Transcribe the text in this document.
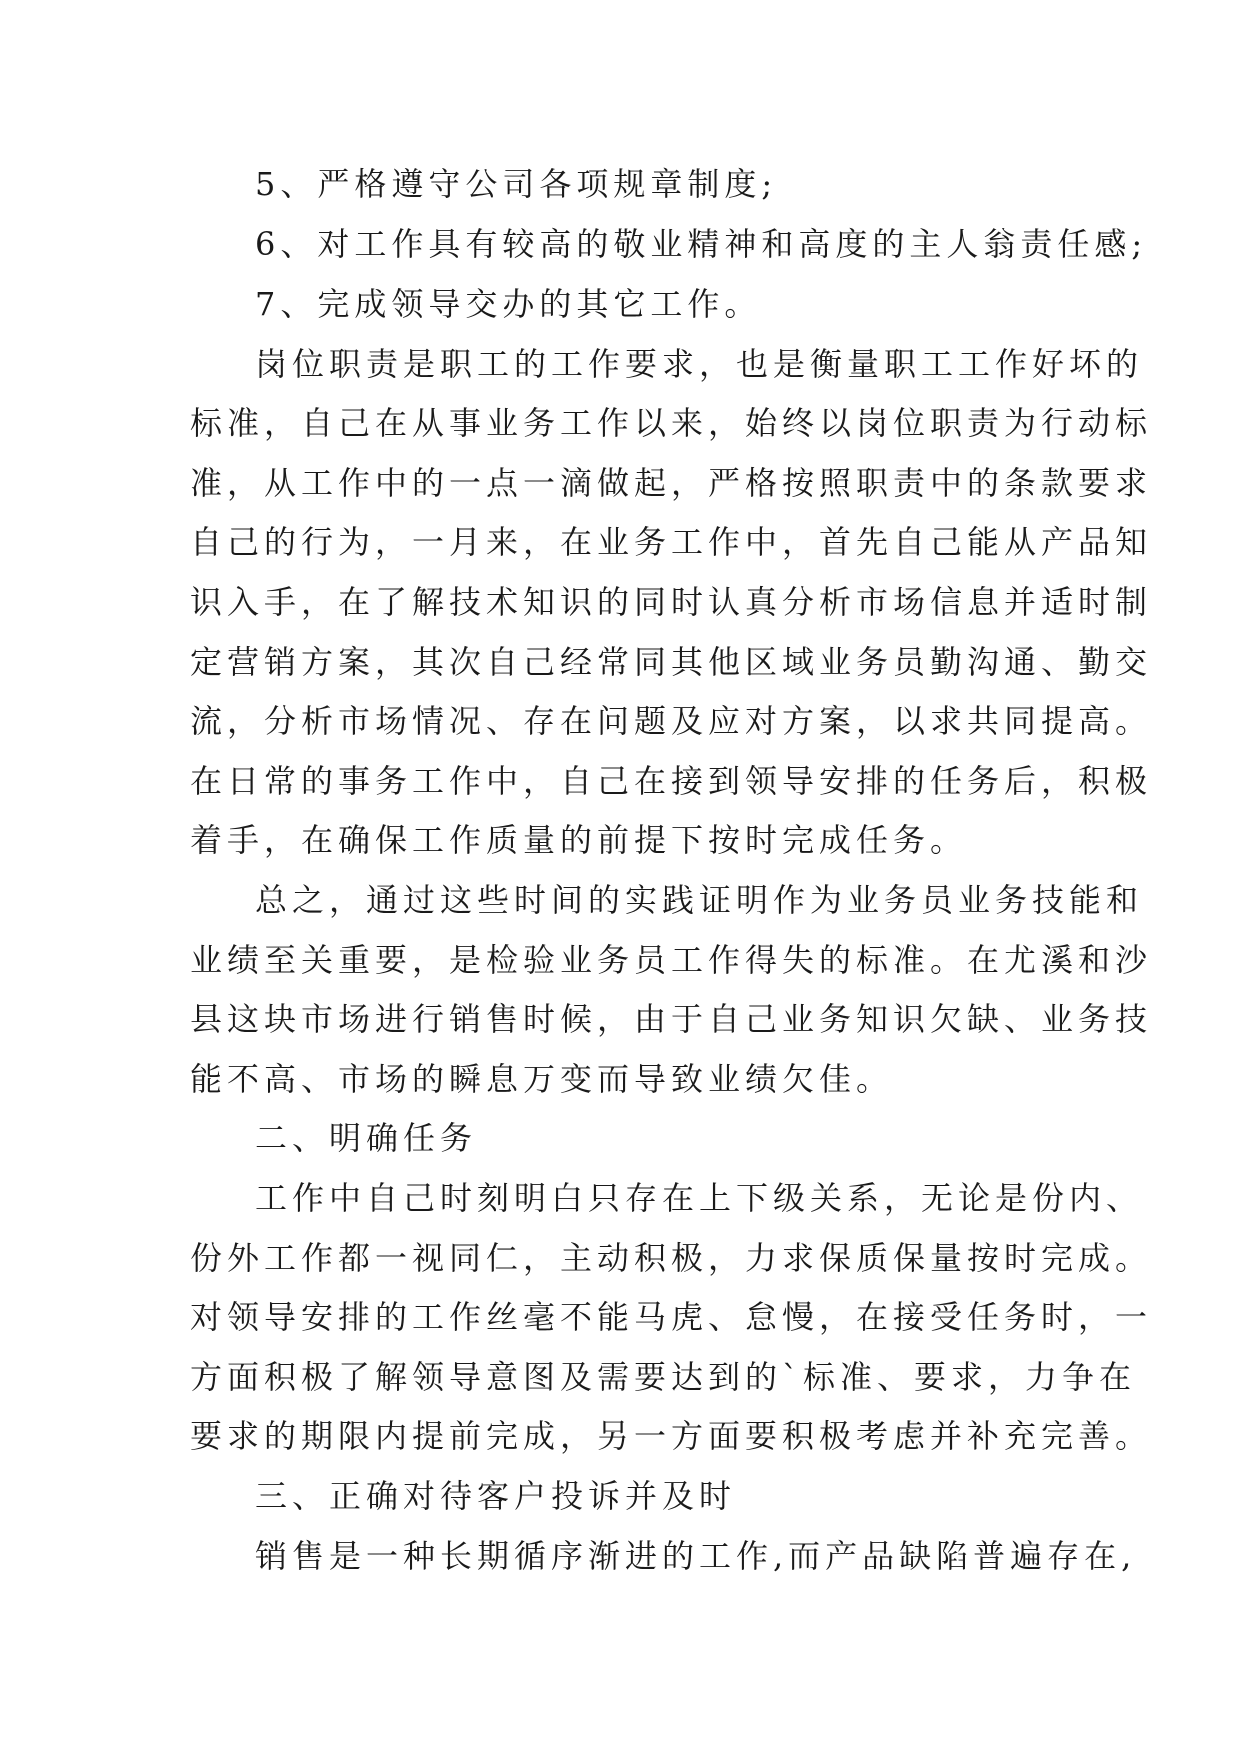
5、严格遵守公司各项规章制度;
6、对工作具有较高的敬业精神和高度的主人翁责任感;
7、完成领导交办的其它工作。
岗位职责是职工的工作要求，也是衡量职工工作好坏的
标准，自己在从事业务工作以来，始终以岗位职责为行动标
准，从工作中的一点一滴做起，严格按照职责中的条款要求
自己的行为，一月来，在业务工作中，首先自己能从产品知
识入手，在了解技术知识的同时认真分析市场信息并适时制
定营销方案，其次自己经常同其他区域业务员勤沟通、勤交
流，分析市场情况、存在问题及应对方案，以求共同提高。
在日常的事务工作中，自己在接到领导安排的任务后，积极
着手，在确保工作质量的前提下按时完成任务。
总之，通过这些时间的实践证明作为业务员业务技能和
业绩至关重要，是检验业务员工作得失的标准。在尤溪和沙
县这块市场进行销售时候，由于自己业务知识欠缺、业务技
能不高、市场的瞬息万变而导致业绩欠佳。
二、明确任务
工作中自己时刻明白只存在上下级关系，无论是份内、
份外工作都一视同仁，主动积极，力求保质保量按时完成。
对领导安排的工作丝毫不能马虎、怠慢，在接受任务时，一
方面积极了解领导意图及需要达到的`标准、要求，力争在
要求的期限内提前完成，另一方面要积极考虑并补充完善。
三、正确对待客户投诉并及时
销售是一种长期循序渐进的工作,而产品缺陷普遍存在,
